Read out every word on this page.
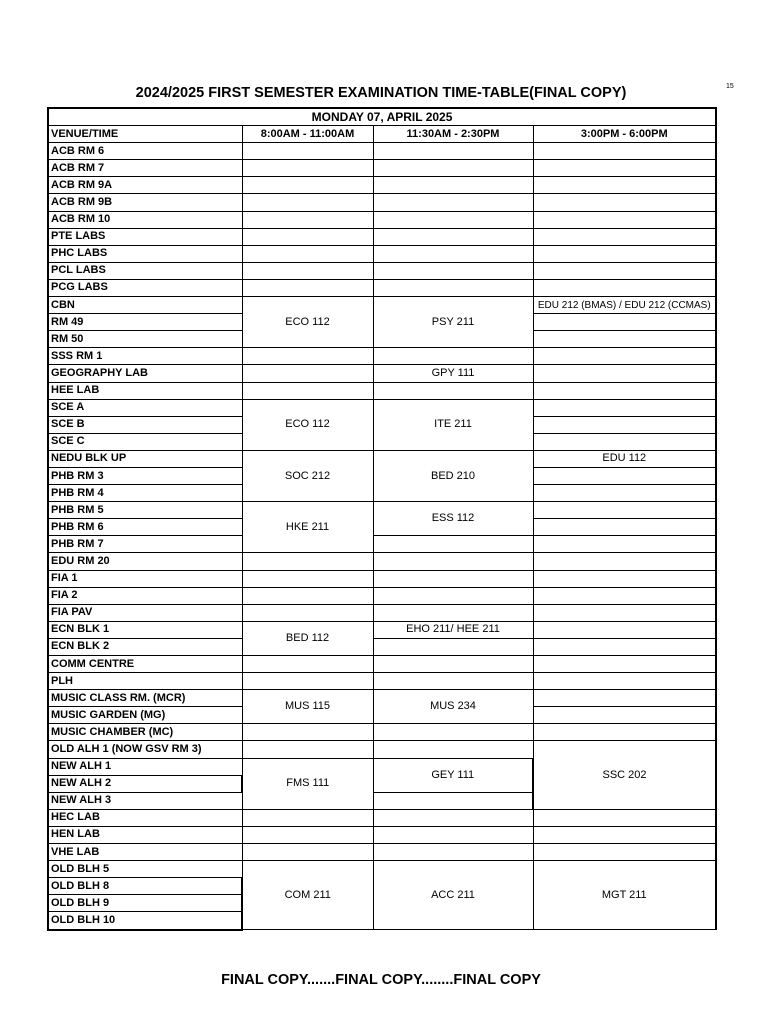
15
2024/2025 FIRST SEMESTER EXAMINATION TIME-TABLE(FINAL COPY)
MONDAY 07, APRIL 2025			
VENUE/TIME	8:00AM - 11:00AM	11:30AM - 2:30PM	3:00PM - 6:00PM
ACB RM 6			
ACB RM 7			
ACB RM 9A			
ACB RM 9B			
ACB RM 10			
PTE LABS			
PHC LABS			
PCL LABS			
PCG LABS			
CBN	ECO 112	PSY 211	EDU 212 (BMAS) / EDU 212 (CCMAS)
RM 49			
RM 50			
SSS RM 1			
GEOGRAPHY LAB		GPY 111	
HEE LAB			
SCE A	ECO 112	ITE 211	
SCE B			
SCE C			
NEDU BLK UP	SOC 212	BED 210	EDU 112
PHB RM 3			
PHB RM 4			
PHB RM 5	HKE 211	ESS 112	
PHB RM 6			
PHB RM 7			
EDU RM 20			
FIA 1			
FIA 2			
FIA PAV			
ECN BLK 1	BED 112	EHO 211/ HEE 211	
ECN BLK 2			
COMM CENTRE			
PLH			
MUSIC CLASS RM. (MCR)	MUS 115	MUS 234	
MUSIC GARDEN (MG)			
MUSIC CHAMBER (MC)			
OLD ALH 1 (NOW GSV RM 3)			SSC 202
NEW ALH 1	FMS 111	GEY 111	
NEW ALH 2			
NEW ALH 3			
HEC LAB			
HEN LAB			
VHE LAB			
OLD BLH 5	COM 211	ACC 211	MGT 211
OLD BLH 8			
OLD BLH 9			
OLD BLH 10			
FINAL COPY.......FINAL COPY........FINAL COPY
